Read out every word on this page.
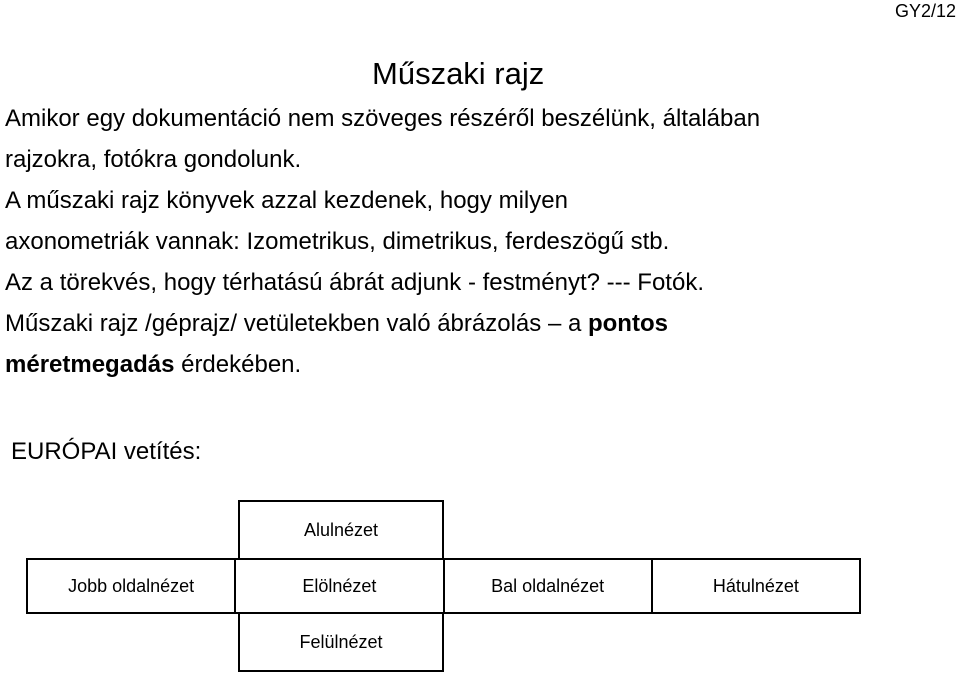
GY2/12
Műszaki rajz
Amikor egy dokumentáció nem szöveges részéről beszélünk, általában
rajzokra, fotókra gondolunk.
A műszaki rajz könyvek azzal kezdenek, hogy milyen
axonometriák vannak: Izometrikus, dimetrikus, ferdeszögű stb.
Az a törekvés, hogy térhatású ábrát adjunk - festményt? --- Fotók.
Műszaki rajz /géprajz/ vetületekben való ábrázolás – a pontos
méretmegadás érdekében.
EURÓPAI vetítés:
Alulnézet
Jobb oldalnézet	Elölnézet	Bal oldalnézet	Hátulnézet
Felülnézet
